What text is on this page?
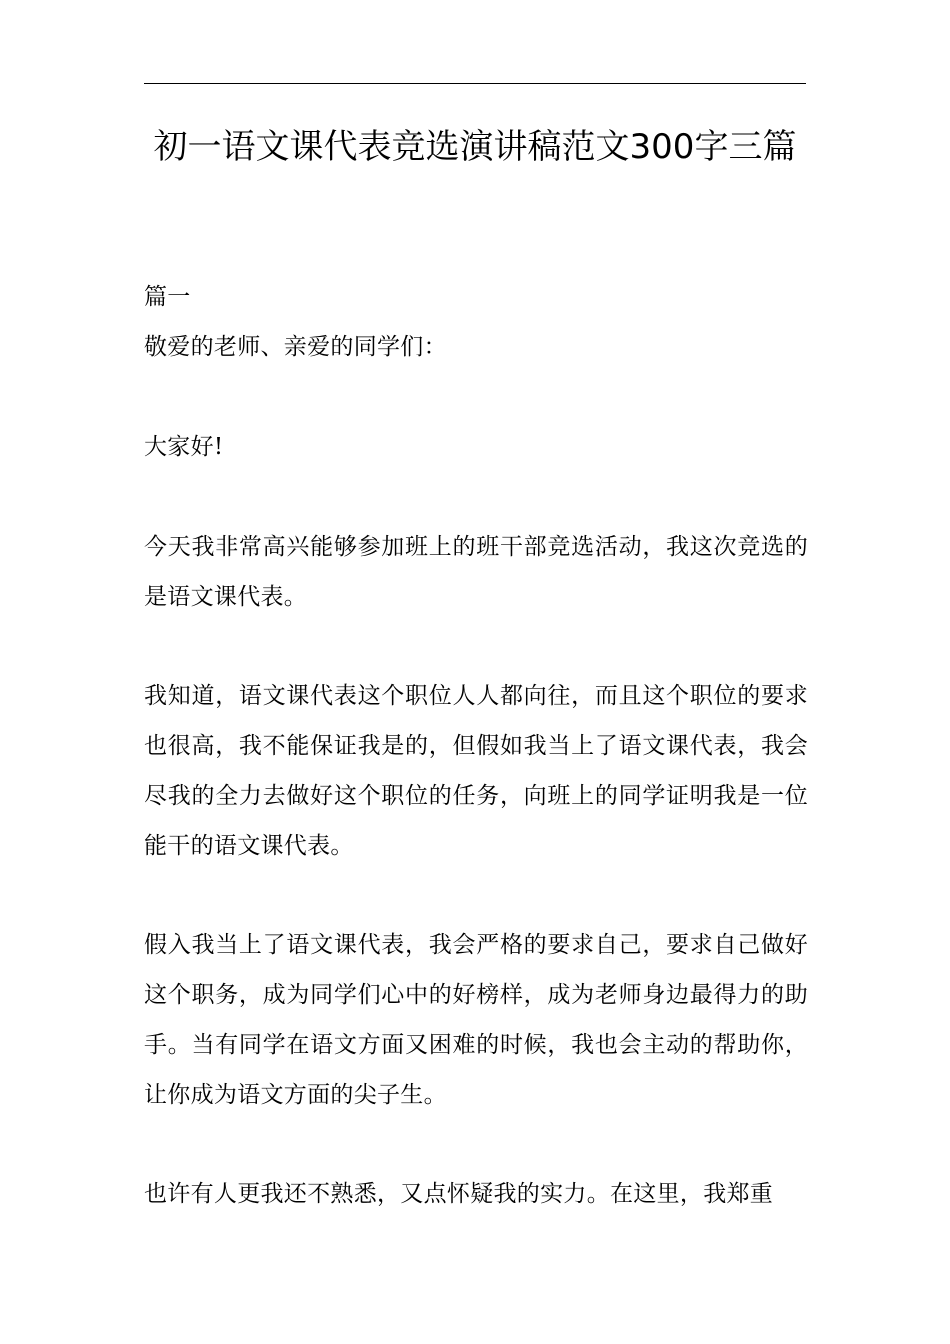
初一语文课代表竞选演讲稿范文300字三篇

篇一

敬爱的老师、亲爱的同学们：

大家好!

今天我非常高兴能够参加班上的班干部竞选活动，我这次竞选的是语文课代表。

我知道，语文课代表这个职位人人都向往，而且这个职位的要求也很高，我不能保证我是的，但假如我当上了语文课代表，我会尽我的全力去做好这个职位的任务，向班上的同学证明我是一位能干的语文课代表。

假入我当上了语文课代表，我会严格的要求自己，要求自己做好这个职务，成为同学们心中的好榜样，成为老师身边最得力的助手。当有同学在语文方面又困难的时候，我也会主动的帮助你，让你成为语文方面的尖子生。

也许有人更我还不熟悉，又点怀疑我的实力。在这里，我郑重
